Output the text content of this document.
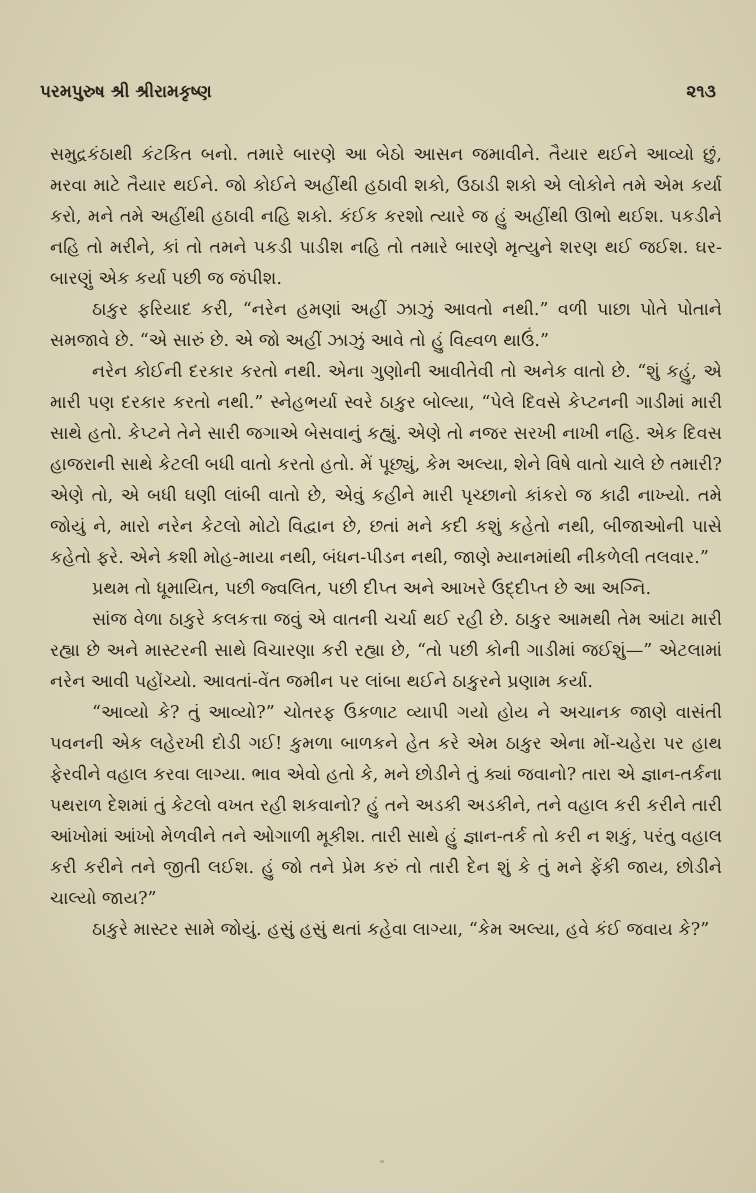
પરમપુરુષ શ્રી શ્રીરામકૃષ્ણ	૨૧૩

સમુદ્રકંઠાથી કંટકિત બનો. તમારે બારણે આ બેઠો આસન જમાવીને. તૈયાર થઈને આવ્યો છું, મરવા માટે તૈયાર થઈને. જો કોઈને અહીંથી હઠાવી શકો, ઉઠાડી શકો એ લોકોને તમે એમ કર્યા કરો, મને તમે અહીંથી હઠાવી નહિ શકો. કંઈક કરશો ત્યારે જ હું અહીંથી ઊભો થઈશ. પકડીને નહિ તો મરીને, કાં તો તમને પકડી પાડીશ નહિ તો તમારે બારણે મૃત્યુને શરણ થઈ જઈશ. ઘર-બારણું એક કર્યા પછી જ જંપીશ.

ઠાકુર ફરિયાદ કરી, “નરેન હમણાં અહીં ઝાઝું આવતો નથી.” વળી પાછા પોતે પોતાને સમજાવે છે. “એ સારું છે. એ જો અહીં ઝાઝું આવે તો હું વિહ્વળ થાઉં.”

નરેન કોઈની દરકાર કરતો નથી. એના ગુણોની આવીતેવી તો અનેક વાતો છે. “શું કહું, એ મારી પણ દરકાર કરતો નથી.” સ્નેહભર્યા સ્વરે ઠાકુર બોલ્યા, “પેલે દિવસે કેપ્ટનની ગાડીમાં મારી સાથે હતો. કેપ્ટને તેને સારી જગાએ બેસવાનું કહ્યું. એણે તો નજર સરખી નાખી નહિ. એક દિવસ હાજરાની સાથે કેટલી બધી વાતો કરતો હતો. મેં પૂછ્યું, કેમ અલ્યા, શેને વિષે વાતો ચાલે છે તમારી? એણે તો, એ બધી ઘણી લાંબી વાતો છે, એવું કહીને મારી પૃચ્છાનો કાંકરો જ કાઢી નાખ્યો. તમે જોયું ને, મારો નરેન કેટલો મોટો વિદ્વાન છે, છતાં મને કદી કશું કહેતો નથી, બીજાઓની પાસે કહેતો ફરે. એને કશી મોહ-માયા નથી, બંધન-પીડન નથી, જાણે મ્યાનમાંથી નીકળેલી તલવાર.”

પ્રથમ તો ધૂમાયિત, પછી જ્વલિત, પછી દીપ્ત અને આખરે ઉદ્દીપ્ત છે આ અગ્નિ.

સાંજ વેળા ઠાકુરે કલકત્તા જવું એ વાતની ચર્ચા થઈ રહી છે. ઠાકુર આમથી તેમ આંટા મારી રહ્યા છે અને માસ્ટરની સાથે વિચારણા કરી રહ્યા છે, “તો પછી કોની ગાડીમાં જઈશું—” એટલામાં નરેન આવી પહોંચ્યો. આવતાં-વેંત જમીન પર લાંબા થઈને ઠાકુરને પ્રણામ કર્યા.

“આવ્યો કે? તું આવ્યો?” ચોતરફ ઉકળાટ વ્યાપી ગયો હોય ને અચાનક જાણે વાસંતી પવનની એક લહેરખી દોડી ગઈ! કુમળા બાળકને હેત કરે એમ ઠાકુર એના મોં-ચહેરા પર હાથ ફેરવીને વહાલ કરવા લાગ્યા. ભાવ એવો હતો કે, મને છોડીને તું ક્યાં જવાનો? તારા એ જ્ઞાન-તર્કના પથરાળ દેશમાં તું કેટલો વખત રહી શકવાનો? હું તને અડકી અડકીને, તને વહાલ કરી કરીને તારી આંખોમાં આંખો મેળવીને તને ઓગાળી મૂકીશ. તારી સાથે હું જ્ઞાન-તર્ક તો કરી ન શકું, પરંતુ વહાલ કરી કરીને તને જીતી લઈશ. હું જો તને પ્રેમ કરું તો તારી દેન શું કે તું મને ફેંકી જાય, છોડીને ચાલ્યો જાય?”

ઠાકુરે માસ્ટર સામે જોયું. હસું હસું થતાં કહેવા લાગ્યા, “કેમ અલ્યા, હવે કંઈ જવાય કે?”
